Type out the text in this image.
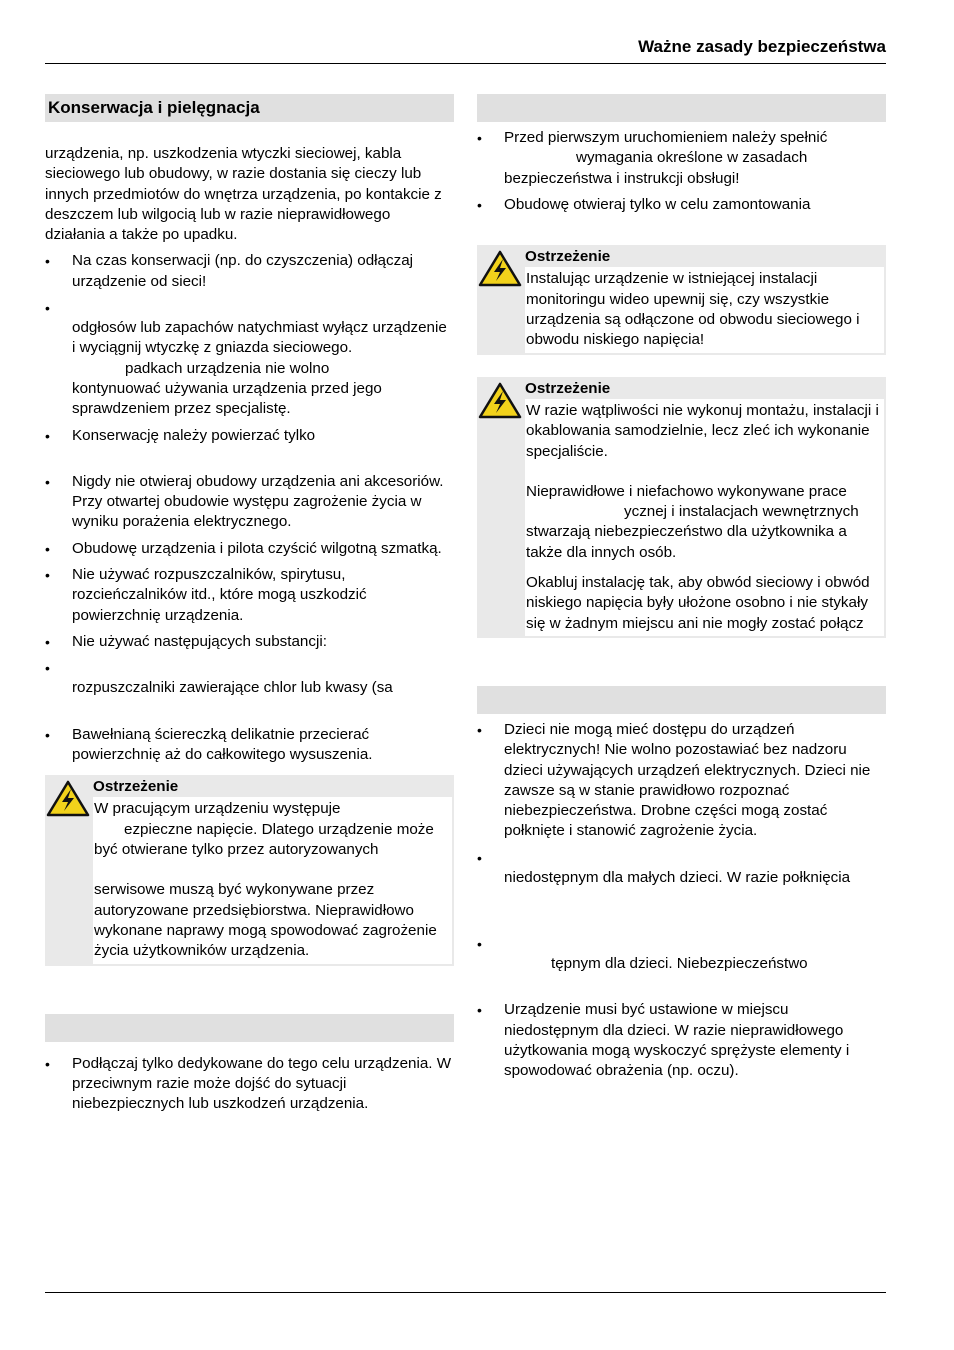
Ważne zasady bezpieczeństwa
Konserwacja i pielęgnacja

urządzenia, np. uszkodzenia wtyczki sieciowej, kabla sieciowego lub obudowy, w razie dostania się cieczy lub innych przedmiotów do wnętrza urządzenia, po kontakcie z deszczem lub wilgocią lub w razie nieprawidłowego działania a także po upadku.

• Na czas konserwacji (np. do czyszczenia) odłączaj urządzenie od sieci!

• odgłosów lub zapachów natychmiast wyłącz urządzenie i wyciągnij wtyczkę z gniazda sieciowego.
padkach urządzenia nie wolno
kontynuować używania urządzenia przed jego sprawdzeniem przez specjalistę.

• Konserwację należy powierzać tylko

• Nigdy nie otwieraj obudowy urządzenia ani akcesoriów. Przy otwartej obudowie występu zagrożenie życia w wyniku porażenia elektrycznego.

• Obudowę urządzenia i pilota czyścić wilgotną szmatką.

• Nie używać rozpuszczalników, spirytusu, rozcieńczalników itd., które mogą uszkodzić powierzchnię urządzenia.

• Nie używać następujących substancji:

• rozpuszczalniki zawierające chlor lub kwasy (sa

• Bawełnianą ściereczką delikatnie przecierać powierzchnię aż do całkowitego wysuszenia.

Ostrzeżenie
W pracującym urządzeniu występuje
ezpieczne napięcie. Dlatego urządzenie może być otwierane tylko przez autoryzowanych
serwisowe muszą być wykonywane przez autoryzowane przedsiębiorstwa. Nieprawidłowo wykonane naprawy mogą spowodować zagrożenie życia użytkowników urządzenia.

• Podłączaj tylko dedykowane do tego celu urządzenia. W przeciwnym razie może dojść do sytuacji niebezpiecznych lub uszkodzeń urządzenia.

• Przed pierwszym uruchomieniem należy spełnić
wymagania określone w zasadach
bezpieczeństwa i instrukcji obsługi!

• Obudowę otwieraj tylko w celu zamontowania

Ostrzeżenie
Instalując urządzenie w istniejącej instalacji monitoringu wideo upewnij się, czy wszystkie urządzenia są odłączone od obwodu sieciowego i obwodu niskiego napięcia!
Ostrzeżenie
W razie wątpliwości nie wykonuj montażu, instalacji i okablowania samodzielnie, lecz zleć ich wykonanie specjaliście.
Nieprawidłowe i niefachowo wykonywane prace
ycznej i instalacjach wewnętrznych
stwarzają niebezpieczeństwo dla użytkownika a także dla innych osób.
Okabluj instalację tak, aby obwód sieciowy i obwód niskiego napięcia były ułożone osobno i nie stykały się w żadnym miejscu ani nie mogły zostać połącz

• Dzieci nie mogą mieć dostępu do urządzeń elektrycznych! Nie wolno pozostawiać bez nadzoru dzieci używających urządzeń elektrycznych. Dzieci nie zawsze są w stanie prawidłowo rozpoznać niebezpieczeństwa. Drobne części mogą zostać połknięte i stanowić zagrożenie życia.

• niedostępnym dla małych dzieci. W razie połknięcia
• tępnym dla dzieci. Niebezpieczeństwo

• Urządzenie musi być ustawione w miejscu niedostępnym dla dzieci. W razie nieprawidłowego użytkowania mogą wyskoczyć sprężyste elementy i spowodować obrażenia (np. oczu).
